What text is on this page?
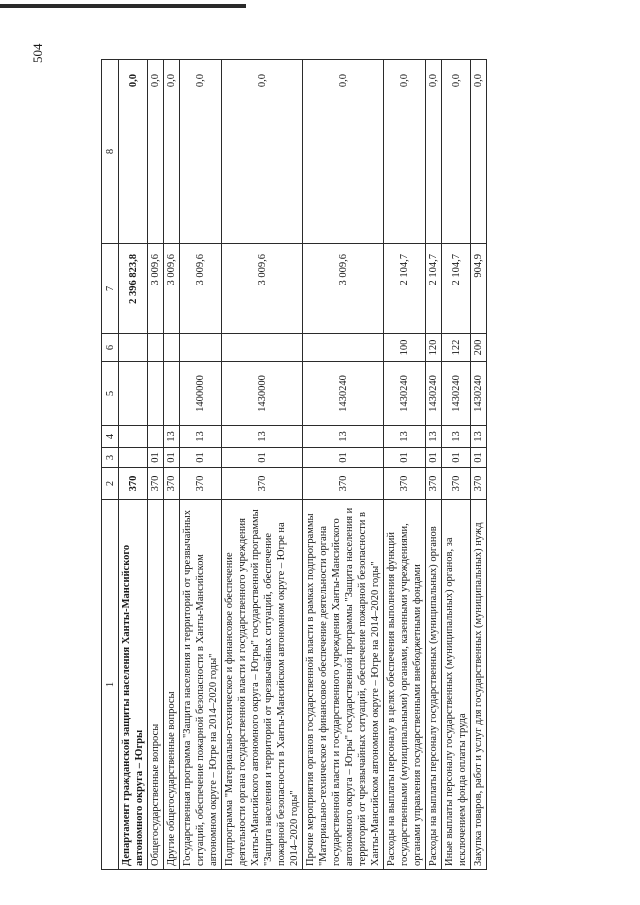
504
1	2	3	4	5	6	7	8
Департамент гражданской защиты населения Ханты-Мансийского автономного округа – Югры	370					2 396 823,8	0,0
Общегосударственные вопросы	370	01				3 009,6	0,0
Другие общегосударственные вопросы	370	01	13			3 009,6	0,0
Государственная программа "Защита населения и территорий от чрезвычайных ситуаций, обеспечение пожарной безопасности в Ханты-Мансийском автономном округе – Югре на 2014–2020 годы"	370	01	13	1400000		3 009,6	0,0
Подпрограмма "Материально-техническое и финансовое обеспечение деятельности органа государственной власти и государственного учреждения Ханты-Мансийского автономного округа – Югры" государственной программы "Защита населения и территорий от чрезвычайных ситуаций, обеспечение пожарной безопасности в Ханты-Мансийском автономном округе – Югре на 2014–2020 годы"	370	01	13	1430000		3 009,6	0,0
Прочие мероприятия органов государственной власти в рамках подпрограммы "Материально-техническое и финансовое обеспечение деятельности органа государственной власти и государственного учреждения Ханты-Мансийского автономного округа – Югры" государственной программы "Защита населения и территорий от чрезвычайных ситуаций, обеспечение пожарной безопасности в Ханты-Мансийском автономном округе – Югре на 2014–2020 годы"	370	01	13	1430240		3 009,6	0,0
Расходы на выплаты персоналу в целях обеспечения выполнения функций государственными (муниципальными) органами, казенными учреждениями, органами управления государственными внебюджетными фондами	370	01	13	1430240	100	2 104,7	0,0
Расходы на выплаты персоналу государственных (муниципальных) органов	370	01	13	1430240	120	2 104,7	0,0
Иные выплаты персоналу государственных (муниципальных) органов, за исключением фонда оплаты труда	370	01	13	1430240	122	2 104,7	0,0
Закупка товаров, работ и услуг для государственных (муниципальных) нужд	370	01	13	1430240	200	904,9	0,0
